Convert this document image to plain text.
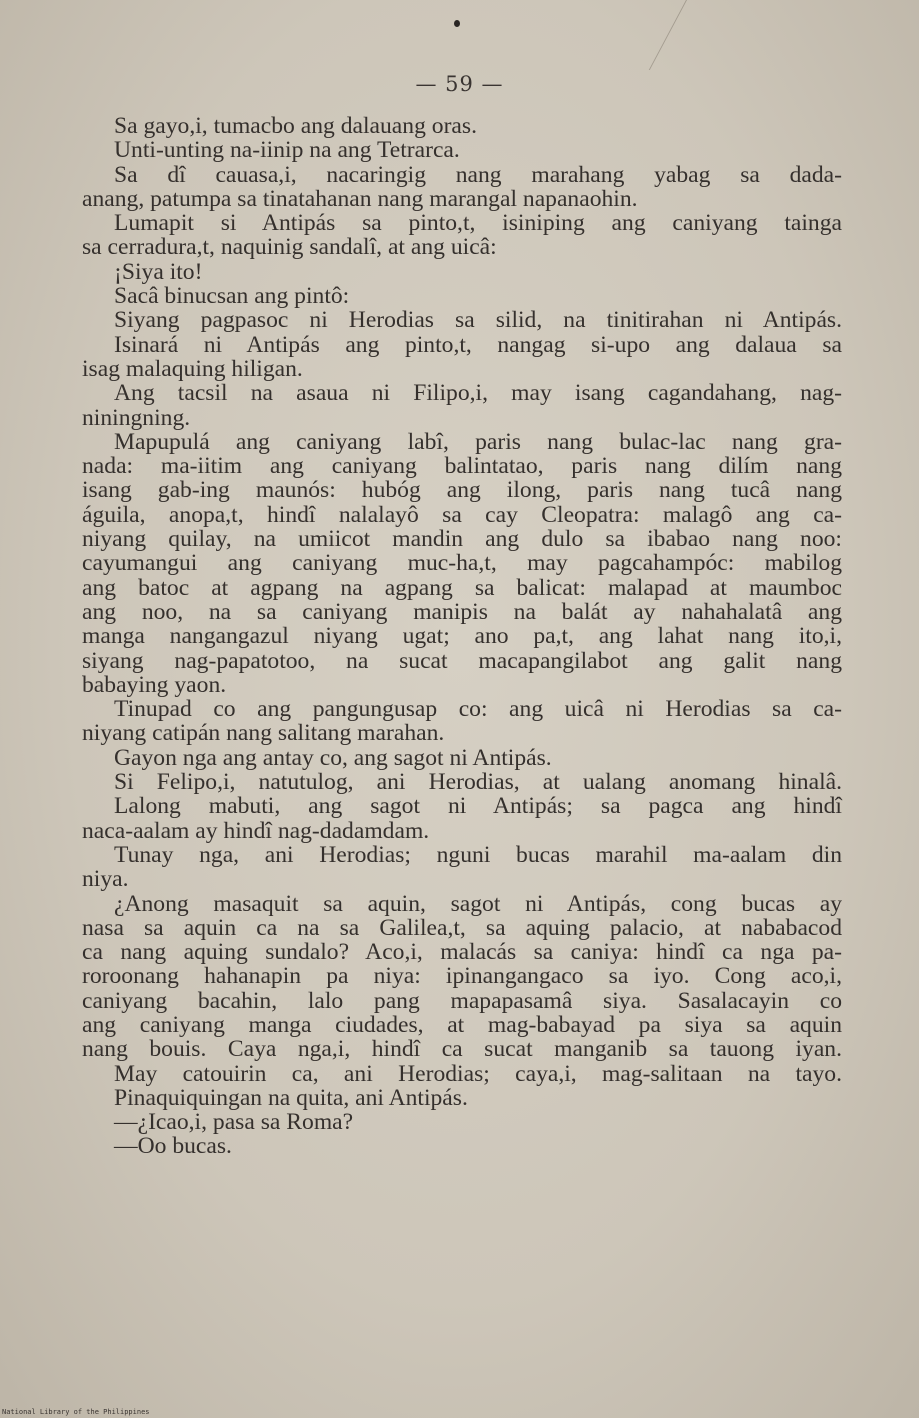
— 59 —
Sa gayo,i, tumacbo ang dalauang oras.
Unti-unting na-iinip na ang Tetrarca.
Sa dî cauasa,i, nacaringig nang marahang yabag sa dada-
anang, patumpa sa tinatahanan nang marangal napanaohin.
Lumapit si Antipás sa pinto,t, isiniping ang caniyang tainga
sa cerradura,t, naquinig sandalî, at ang uicâ:
¡Siya ito!
Sacâ binucsan ang pintô:
Siyang pagpasoc ni Herodias sa silid, na tinitirahan ni Antipás.
Isinará ni Antipás ang pinto,t, nangag si-upo ang dalaua sa
isag malaquing hiligan.
Ang tacsil na asaua ni Filipo,i, may isang cagandahang, nag-
niningning.
Mapupulá ang caniyang labî, paris nang bulac-lac nang gra-
nada: ma-iitim ang caniyang balintatao, paris nang dilím nang
isang gab-ing maunós: hubóg ang ilong, paris nang tucâ nang
águila, anopa,t, hindî nalalayô sa cay Cleopatra: malagô ang ca-
niyang quilay, na umiicot mandin ang dulo sa ibabao nang noo:
cayumangui ang caniyang muc-ha,t, may pagcahampóc: mabilog
ang batoc at agpang na agpang sa balicat: malapad at maumboc
ang noo, na sa caniyang manipis na balát ay nahahalatâ ang
manga nangangazul niyang ugat; ano pa,t, ang lahat nang ito,i,
siyang nag-papatotoo, na sucat macapangilabot ang galit nang
babaying yaon.
Tinupad co ang pangungusap co: ang uicâ ni Herodias sa ca-
niyang catipán nang salitang marahan.
Gayon nga ang antay co, ang sagot ni Antipás.
Si Felipo,i, natutulog, ani Herodias, at ualang anomang hinalâ.
Lalong mabuti, ang sagot ni Antipás; sa pagca ang hindî
naca-aalam ay hindî nag-dadamdam.
Tunay nga, ani Herodias; nguni bucas marahil ma-aalam din
niya.
¿Anong masaquit sa aquin, sagot ni Antipás, cong bucas ay
nasa sa aquin ca na sa Galilea,t, sa aquing palacio, at nababacod
ca nang aquing sundalo? Aco,i, malacás sa caniya: hindî ca nga pa-
roroonang hahanapin pa niya: ipinangangaco sa iyo. Cong aco,i,
caniyang bacahin, lalo pang mapapasamâ siya. Sasalacayin co
ang caniyang manga ciudades, at mag-babayad pa siya sa aquin
nang bouis. Caya nga,i, hindî ca sucat manganib sa tauong iyan.
May catouirin ca, ani Herodias; caya,i, mag-salitaan na tayo.
Pinaquiquingan na quita, ani Antipás.
—¿Icao,i, pasa sa Roma?
—Oo bucas.
National Library of the Philippines
